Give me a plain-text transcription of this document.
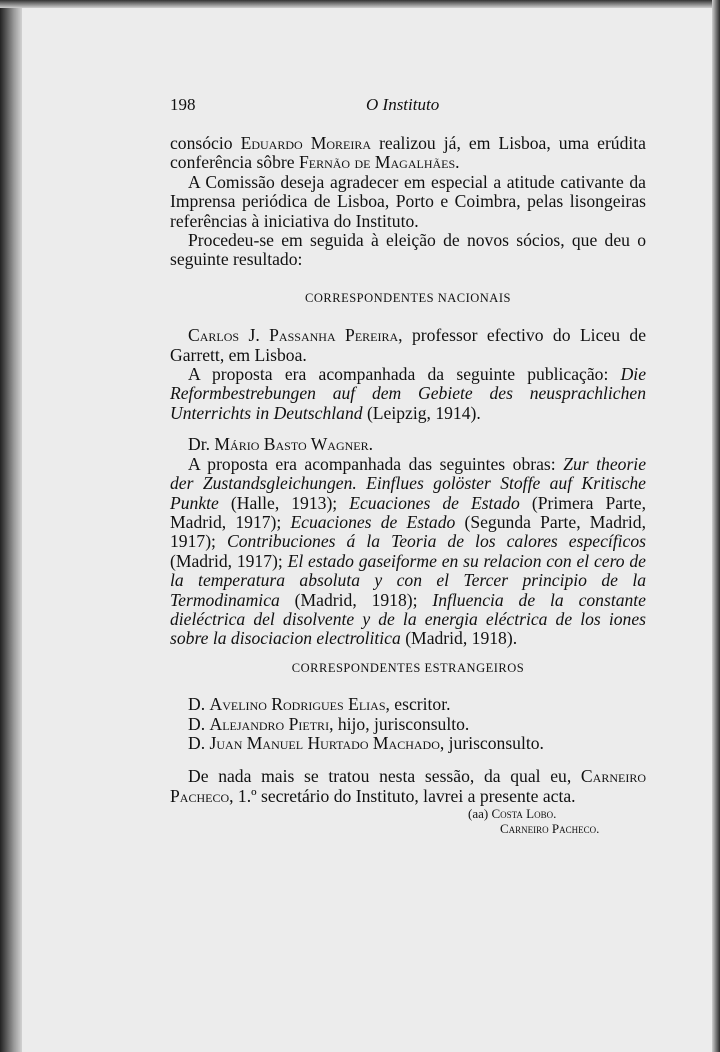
198	O Instituto

consócio Eduardo Moreira realizou já, em Lisboa, uma erúdita conferência sôbre Fernão de Magalhães.

A Comissão deseja agradecer em especial a atitude cativante da Imprensa periódica de Lisboa, Porto e Coimbra, pelas lisongeiras referências à iniciativa do Instituto.

Procedeu-se em seguida à eleição de novos sócios, que deu o seguinte resultado:

CORRESPONDENTES NACIONAIS

Carlos J. Passanha Pereira, professor efectivo do Liceu de Garrett, em Lisboa.

A proposta era acompanhada da seguinte publicação: Die Reformbestrebungen auf dem Gebiete des neusprachlichen Unterrichts in Deutschland (Leipzig, 1914).

Dr. Mário Basto Wagner.

A proposta era acompanhada das seguintes obras: Zur theorie der Zustandsgleichungen. Einflues golöster Stoffe auf Kritische Punkte (Halle, 1913); Ecuaciones de Estado (Primera Parte, Madrid, 1917); Ecuaciones de Estado (Segunda Parte, Madrid, 1917); Contribuciones á la Teoria de los calores específicos (Madrid, 1917); El estado gaseiforme en su relacion con el cero de la temperatura absoluta y con el Tercer principio de la Termodinamica (Madrid, 1918); Influencia de la constante dieléctrica del disolvente y de la energia eléctrica de los iones sobre la disociacion electrolitica (Madrid, 1918).

CORRESPONDENTES ESTRANGEIROS

D. Avelino Rodrigues Elias, escritor.

D. Alejandro Pietri, hijo, jurisconsulto.

D. Juan Manuel Hurtado Machado, jurisconsulto.

De nada mais se tratou nesta sessão, da qual eu, Carneiro Pacheco, 1.º secretário do Instituto, lavrei a presente acta.

(aa) Costa Lobo.
Carneiro Pacheco.
